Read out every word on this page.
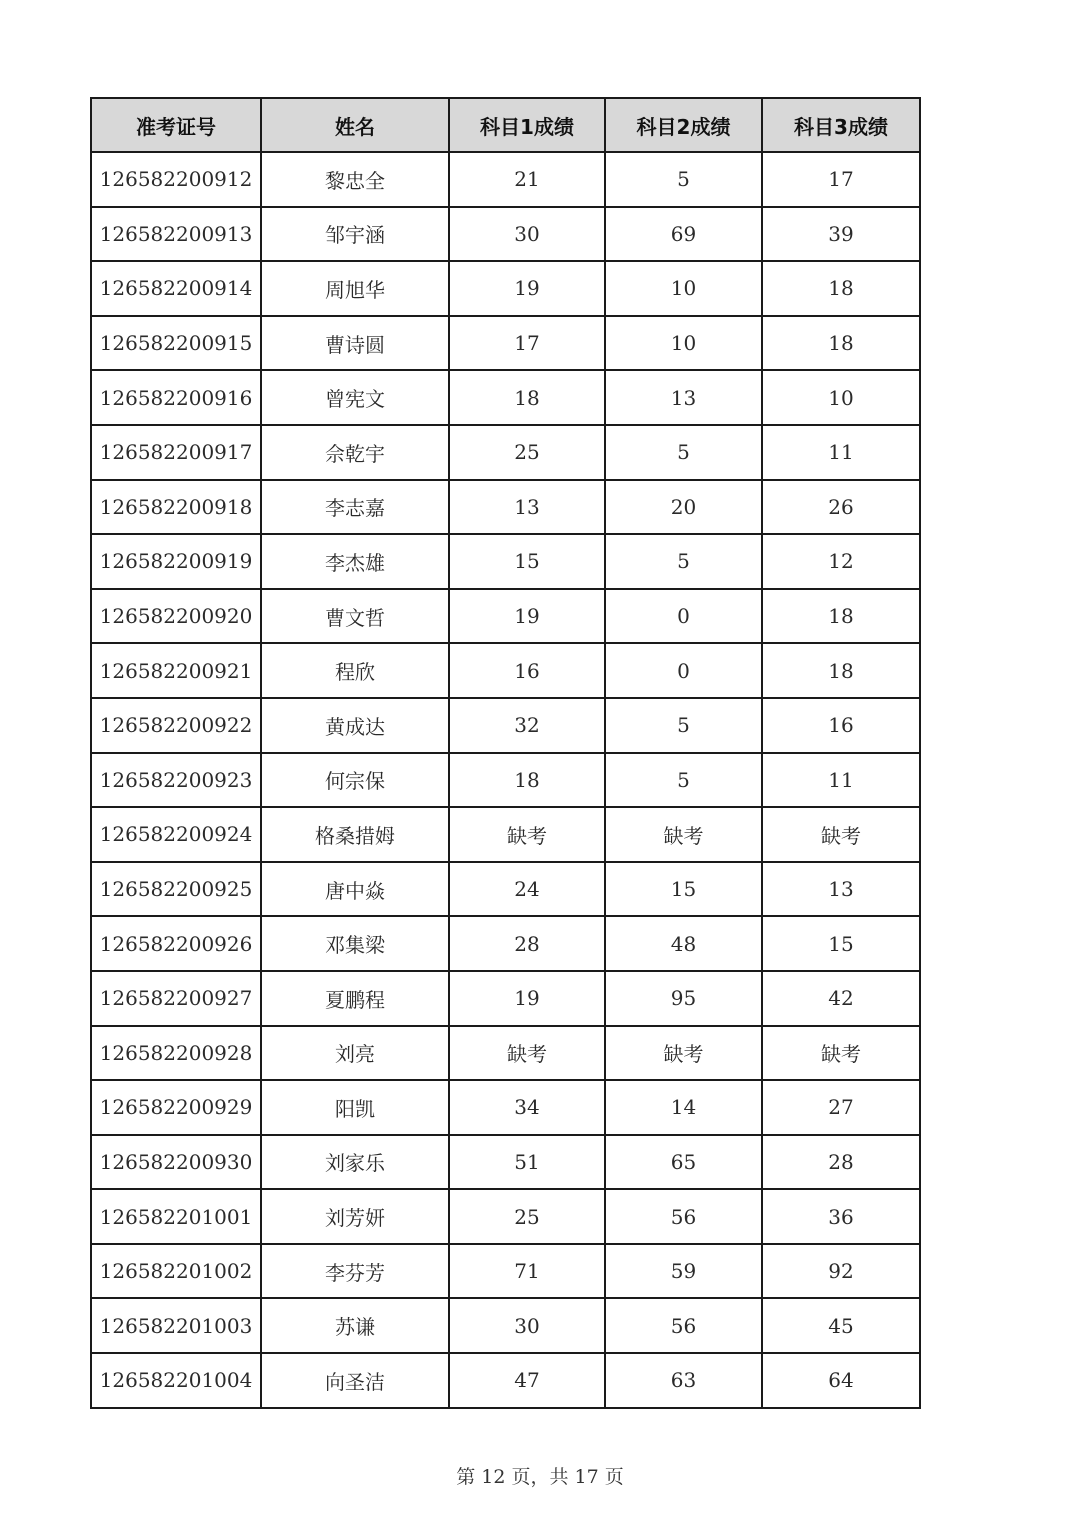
准考证号	姓名	科目1成绩	科目2成绩	科目3成绩
126582200912	黎忠全	21	5	17
126582200913	邹宇涵	30	69	39
126582200914	周旭华	19	10	18
126582200915	曹诗圆	17	10	18
126582200916	曾宪文	18	13	10
126582200917	佘乾宇	25	5	11
126582200918	李志嘉	13	20	26
126582200919	李杰雄	15	5	12
126582200920	曹文哲	19	0	18
126582200921	程欣	16	0	18
126582200922	黄成达	32	5	16
126582200923	何宗保	18	5	11
126582200924	格桑措姆	缺考	缺考	缺考
126582200925	唐中焱	24	15	13
126582200926	邓集梁	28	48	15
126582200927	夏鹏程	19	95	42
126582200928	刘亮	缺考	缺考	缺考
126582200929	阳凯	34	14	27
126582200930	刘家乐	51	65	28
126582201001	刘芳妍	25	56	36
126582201002	李芬芳	71	59	92
126582201003	苏谦	30	56	45
126582201004	向圣洁	47	63	64
第 12 页，共 17 页
